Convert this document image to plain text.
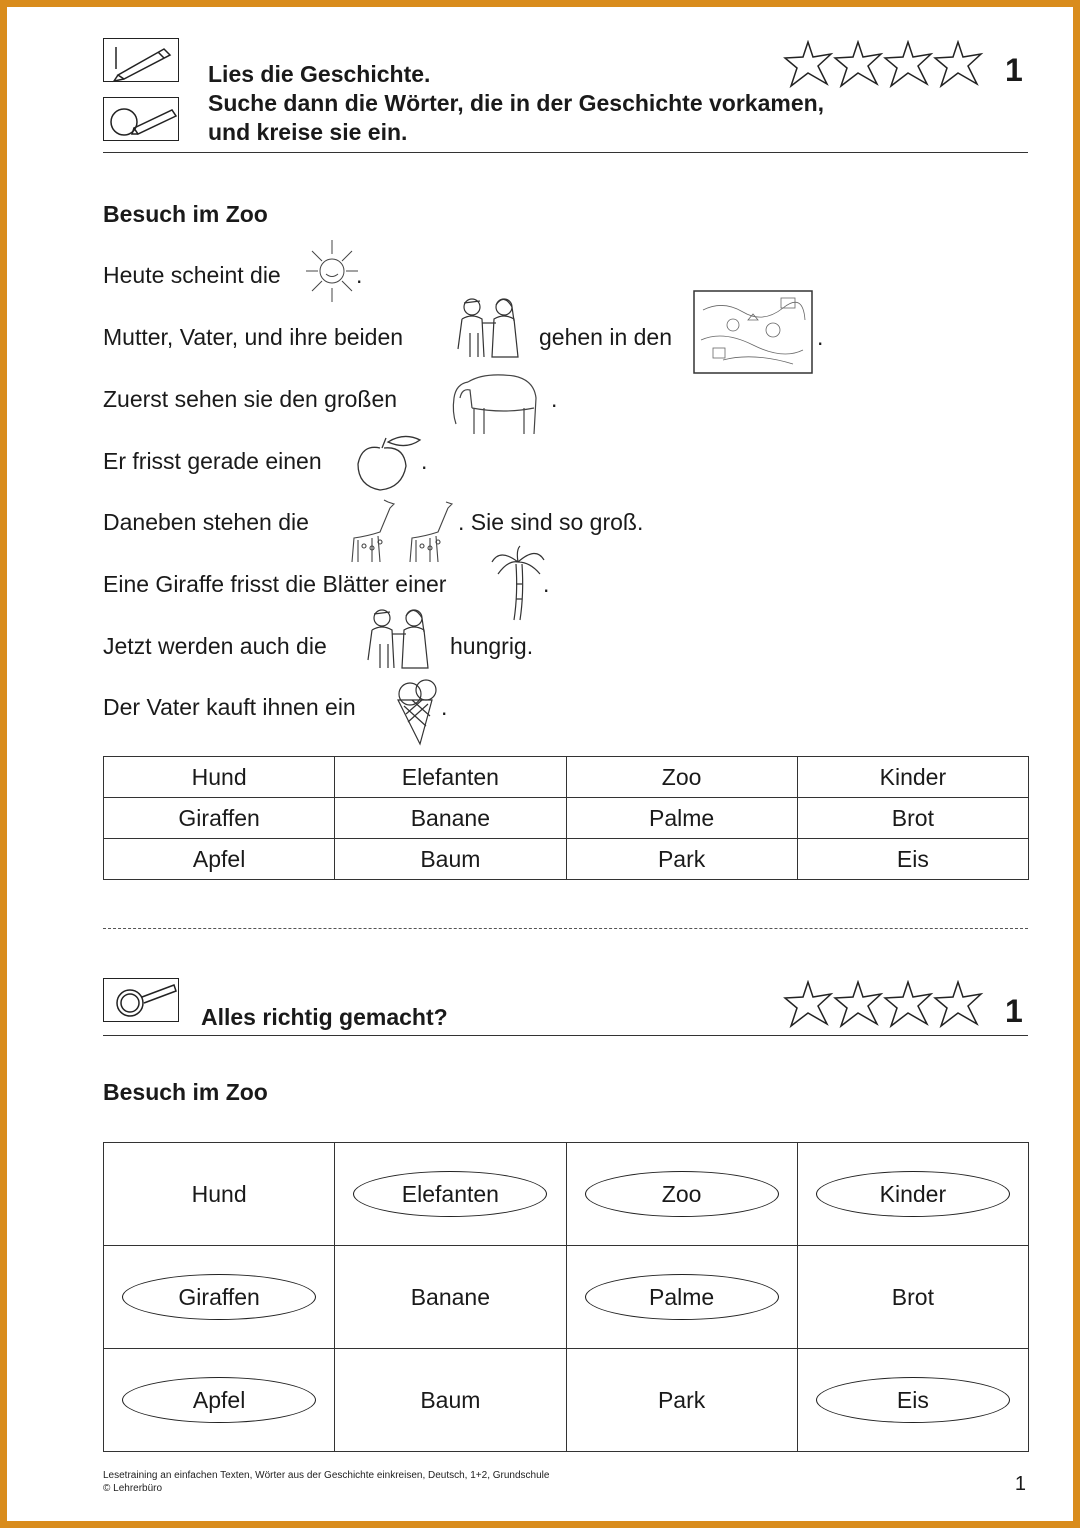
Lies die Geschichte.
Suche dann die Wörter, die in der Geschichte vorkamen,
und kreise sie ein.
1
Besuch im Zoo
Heute scheint die	.
Mutter, Vater, und ihre beiden	gehen in den	.
Zuerst sehen sie den großen	.
Er frisst gerade einen	.
Daneben stehen die	. Sie sind so groß.
Eine Giraffe frisst die Blätter einer	.
Jetzt werden auch die	hungrig.
Der Vater kauft ihnen ein	.
Hund	Elefanten	Zoo	Kinder
Giraffen	Banane	Palme	Brot
Apfel	Baum	Park	Eis
Alles richtig gemacht?	1
Besuch im Zoo
Hund	Elefanten	Zoo	Kinder

Giraffen	Banane	Palme	Brot

Apfel	Baum	Park	Eis
Lesetraining an einfachen Texten, Wörter aus der Geschichte einkreisen, Deutsch, 1+2, Grundschule
© Lehrerbüro	1
